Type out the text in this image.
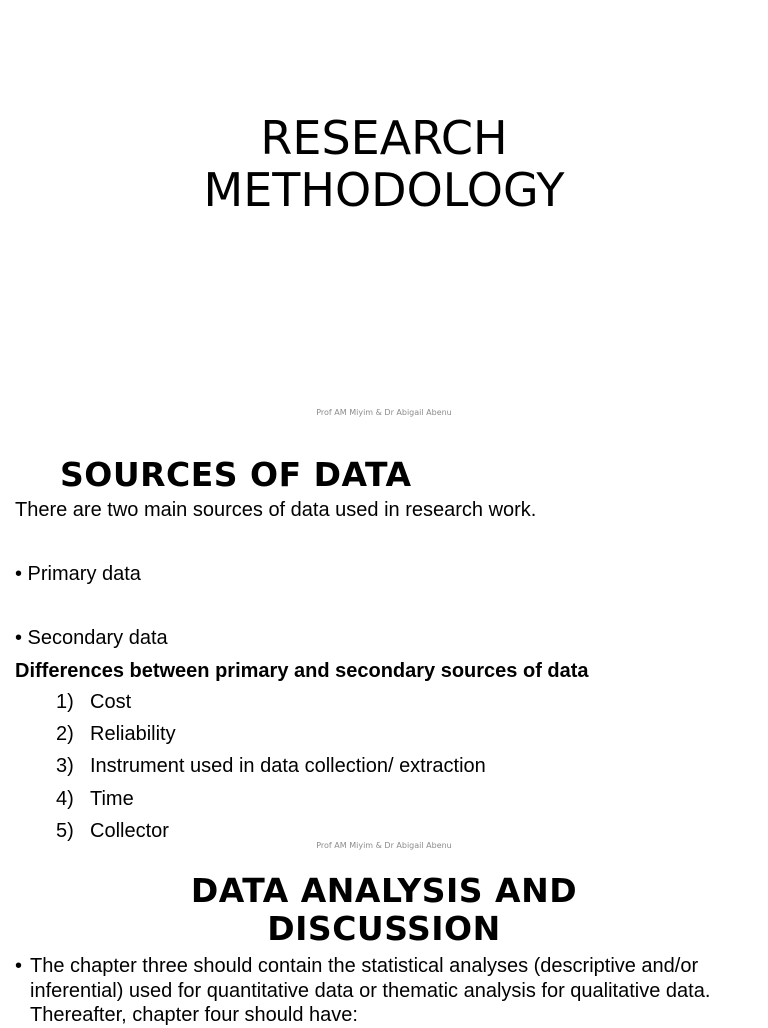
RESEARCH
METHODOLOGY
Prof AM Miyim & Dr Abigail Abenu
SOURCES OF DATA

There are two main sources of data used in research work.

• Primary data

• Secondary data

Differences between primary and secondary sources of data

1) Cost
2) Reliability
3) Instrument used in data collection/ extraction
4) Time
5) Collector
Prof AM Miyim & Dr Abigail Abenu
DATA ANALYSIS AND
DISCUSSION
• The chapter three should contain the statistical analyses (descriptive and/or inferential) used for quantitative data or thematic analysis for qualitative data. Thereafter, chapter four should have:
